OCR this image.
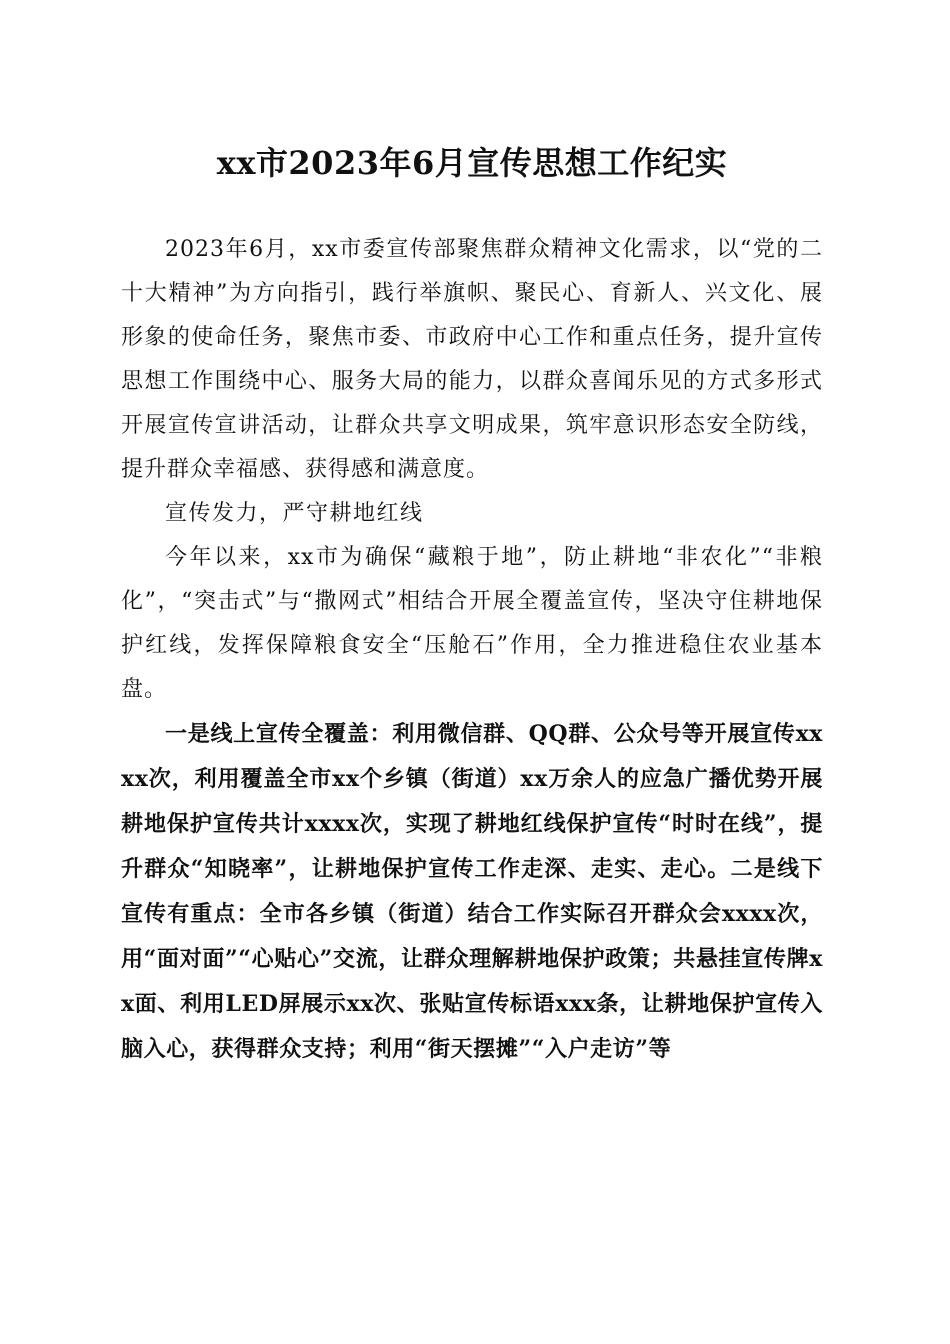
xx市2023年6月宣传思想工作纪实

2023年6月，xx市委宣传部聚焦群众精神文化需求，以“党的二十大精神”为方向指引，践行举旗帜、聚民心、育新人、兴文化、展形象的使命任务，聚焦市委、市政府中心工作和重点任务，提升宣传思想工作围绕中心、服务大局的能力，以群众喜闻乐见的方式多形式开展宣传宣讲活动，让群众共享文明成果，筑牢意识形态安全防线，提升群众幸福感、获得感和满意度。

宣传发力，严守耕地红线

今年以来，xx市为确保“藏粮于地”，防止耕地“非农化”“非粮化”，“突击式”与“撒网式”相结合开展全覆盖宣传，坚决守住耕地保护红线，发挥保障粮食安全“压舱石”作用，全力推进稳住农业基本盘。

一是线上宣传全覆盖：利用微信群、QQ群、公众号等开展宣传xxxx次，利用覆盖全市xx个乡镇（街道）xx万余人的应急广播优势开展耕地保护宣传共计xxxx次，实现了耕地红线保护宣传“时时在线”，提升群众“知晓率”，让耕地保护宣传工作走深、走实、走心。二是线下宣传有重点：全市各乡镇（街道）结合工作实际召开群众会xxxx次，用“面对面”“心贴心”交流，让群众理解耕地保护政策；共悬挂宣传牌xx面、利用LED屏展示xx次、张贴宣传标语xxx条，让耕地保护宣传入脑入心，获得群众支持；利用“街天摆摊”“入户走访”等
